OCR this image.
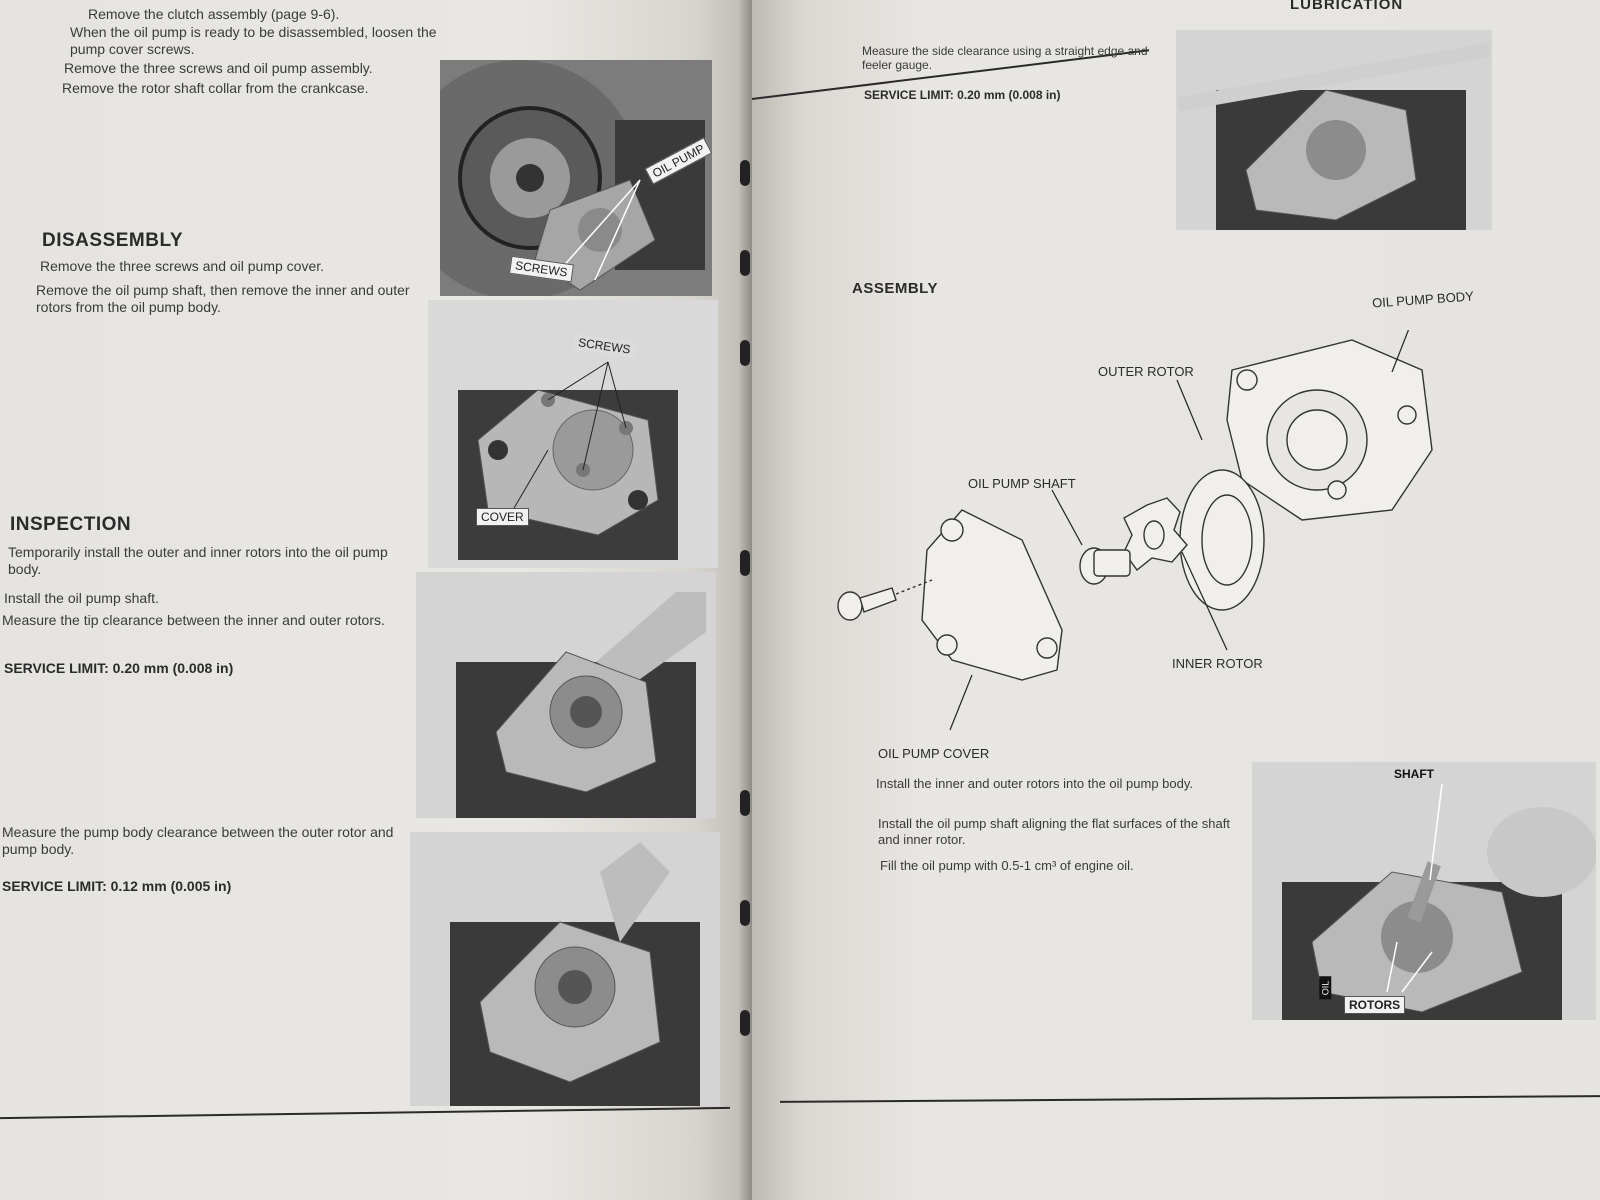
Remove the clutch assembly (page 9-6).
When the oil pump is ready to be disassembled, loosen the pump cover screws.
Remove the three screws and oil pump assembly.
Remove the rotor shaft collar from the crankcase.
DISASSEMBLY
Remove the three screws and oil pump cover.
Remove the oil pump shaft, then remove the inner and outer rotors from the oil pump body.
INSPECTION
Temporarily install the outer and inner rotors into the oil pump body.
Install the oil pump shaft.
Measure the tip clearance between the inner and outer rotors.
SERVICE LIMIT: 0.20 mm (0.008 in)
Measure the pump body clearance between the outer rotor and pump body.
SERVICE LIMIT: 0.12 mm (0.005 in)
OIL PUMP
SCREWS
SCREWS
COVER
LUBRICATION
Measure the side clearance using a straight edge and feeler gauge.
SERVICE LIMIT: 0.20 mm (0.008 in)
ASSEMBLY	OIL PUMP BODY
OUTER ROTOR
OIL PUMP SHAFT
INNER ROTOR
OIL PUMP COVER
Install the inner and outer rotors into the oil pump body.
Install the oil pump shaft aligning the flat surfaces of the shaft and inner rotor.
Fill the oil pump with 0.5-1 cm³ of engine oil.
SHAFT
ROTORS
OIL
